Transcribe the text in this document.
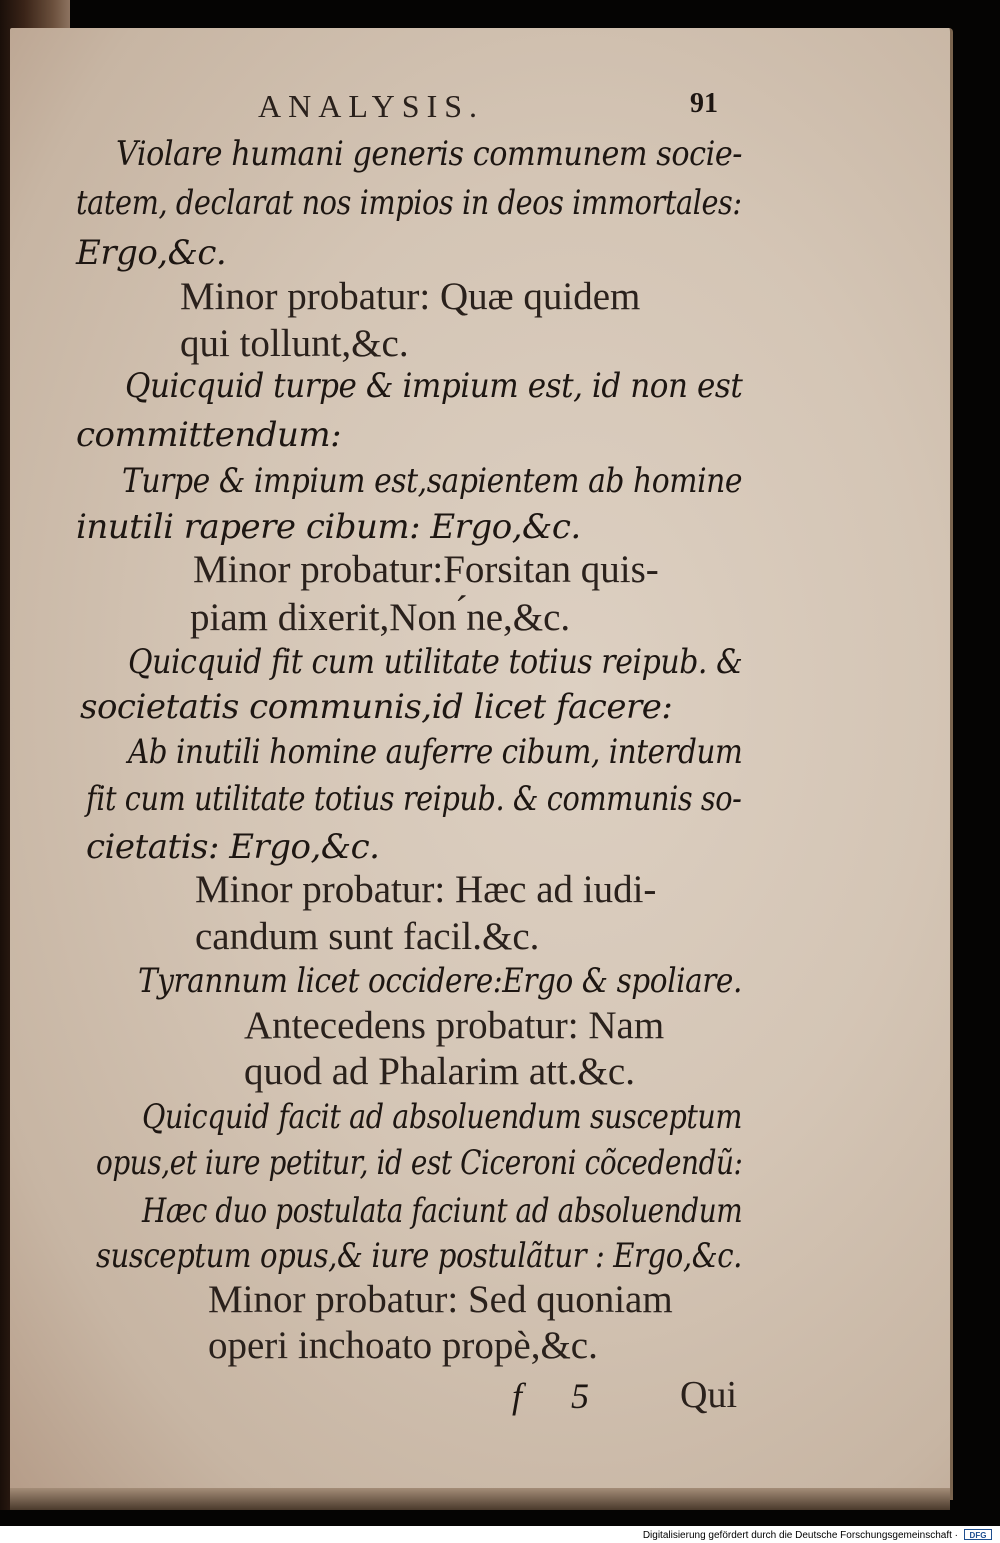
ANALYSIS.	91
Violare humani generis communem socie-
tatem, declarat nos impios in deos immortales:
Ergo,&c.
Minor probatur: Quæ quidem
qui tollunt,&c.
Quicquid turpe & impium est, id non est
committendum:
Turpe & impium est,sapientem ab homine
inutili rapere cibum: Ergo,&c.
Minor probatur:Forsitan quis-
piam dixerit,Non ́ne,&c.
Quicquid fit cum utilitate totius reipub. &
societatis communis,id licet facere:
Ab inutili homine auferre cibum, interdum
fit cum utilitate totius reipub. & communis so-
cietatis: Ergo,&c.
Minor probatur: Hæc ad iudi-
candum sunt facil.&c.
Tyrannum licet occidere:Ergo & spoliare.
Antecedens probatur: Nam
quod ad Phalarim att.&c.
Quicquid facit ad absoluendum susceptum
opus,et iure petitur, id est Ciceroni cõcedendũ:
Hæc duo postulata faciunt ad absoluendum
susceptum opus,& iure postulãtur : Ergo,&c.
Minor probatur: Sed quoniam
operi inchoato propè,&c.
f 5 Qui
Digitalisierung gefördert durch die Deutsche Forschungsgemeinschaft ·	DFG
